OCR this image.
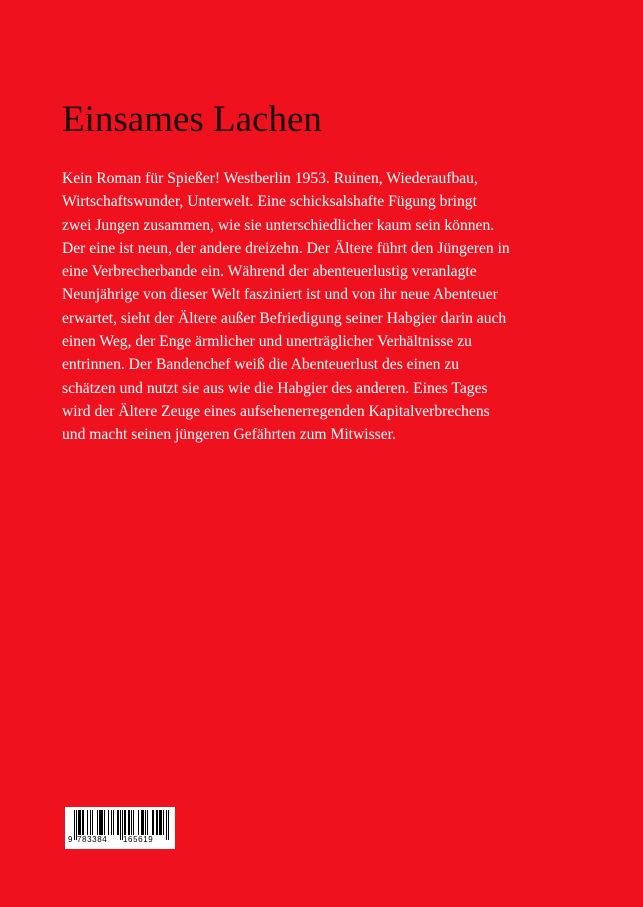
Einsames Lachen
Kein Roman für Spießer! Westberlin 1953. Ruinen, Wiederaufbau,
Wirtschaftswunder, Unterwelt. Eine schicksalshafte Fügung bringt
zwei Jungen zusammen, wie sie unterschiedlicher kaum sein können.
Der eine ist neun, der andere dreizehn. Der Ältere führt den Jüngeren in
eine Verbrecherbande ein. Während der abenteuerlustig veranlagte
Neunjährige von dieser Welt fasziniert ist und von ihr neue Abenteuer
erwartet, sieht der Ältere außer Befriedigung seiner Habgier darin auch
einen Weg, der Enge ärmlicher und unerträglicher Verhältnisse zu
entrinnen. Der Bandenchef weiß die Abenteuerlust des einen zu
schätzen und nutzt sie aus wie die Habgier des anderen. Eines Tages
wird der Ältere Zeuge eines aufsehenerregenden Kapitalverbrechens
und macht seinen jüngeren Gefährten zum Mitwisser.
9 783384 165619
